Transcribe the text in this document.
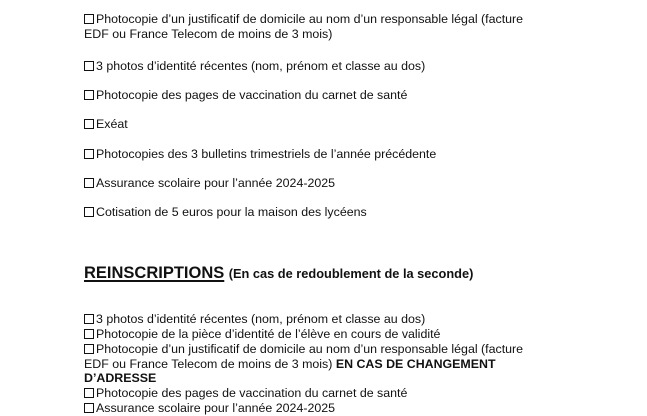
Photocopie d’un justificatif de domicile au nom d’un responsable légal (facture
EDF ou France Telecom de moins de 3 mois)
3 photos d’identité récentes (nom, prénom et classe au dos)
Photocopie des pages de vaccination du carnet de santé
Exéat
Photocopies des 3 bulletins trimestriels de l’année précédente
Assurance scolaire pour l’année 2024-2025
Cotisation de 5 euros pour la maison des lycéens
REINSCRIPTIONS (En cas de redoublement de la seconde)
3 photos d’identité récentes (nom, prénom et classe au dos)
Photocopie de la pièce d’identité de l’élève en cours de validité
Photocopie d’un justificatif de domicile au nom d’un responsable légal (facture
EDF ou France Telecom de moins de 3 mois) EN CAS DE CHANGEMENT
D’ADRESSE
Photocopie des pages de vaccination du carnet de santé
Assurance scolaire pour l’année 2024-2025
